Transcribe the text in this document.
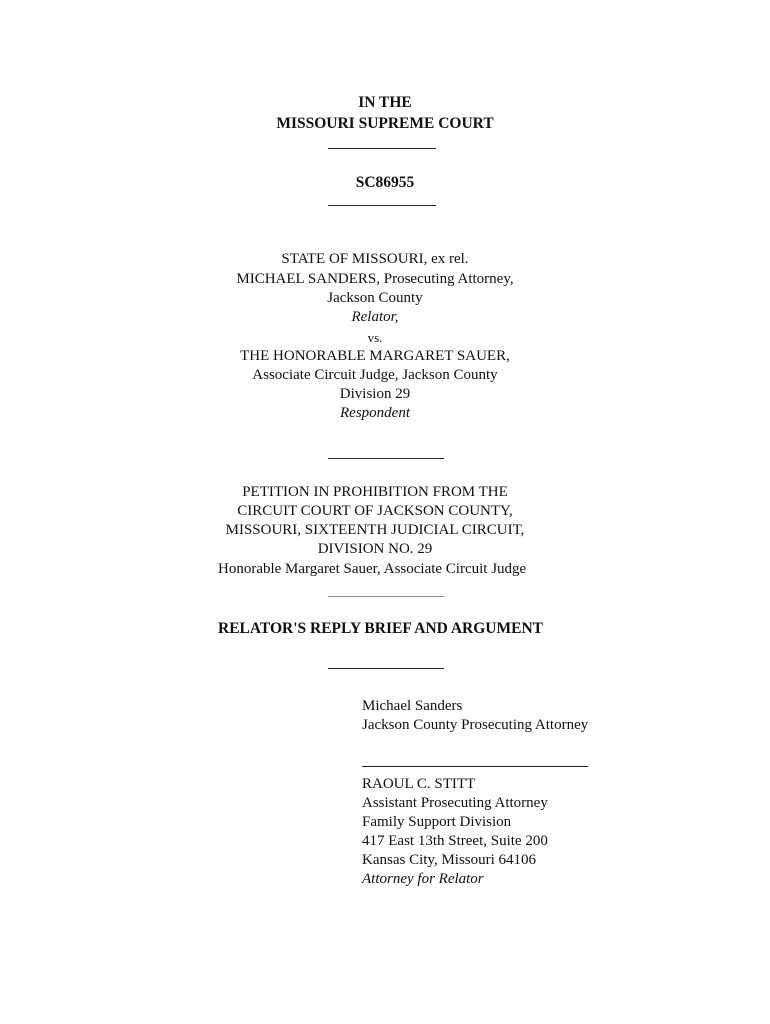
IN THE
MISSOURI SUPREME COURT
SC86955
STATE OF MISSOURI, ex rel.
MICHAEL SANDERS, Prosecuting Attorney,
Jackson County
Relator,
vs.
THE HONORABLE MARGARET SAUER,
Associate Circuit Judge, Jackson County
Division 29
Respondent
PETITION IN PROHIBITION FROM THE
CIRCUIT COURT OF JACKSON COUNTY,
MISSOURI, SIXTEENTH JUDICIAL CIRCUIT,
DIVISION NO. 29
Honorable Margaret Sauer, Associate Circuit Judge
RELATOR'S REPLY BRIEF AND ARGUMENT
Michael Sanders
Jackson County Prosecuting Attorney
RAOUL C. STITT
Assistant Prosecuting Attorney
Family Support Division
417 East 13th Street, Suite 200
Kansas City, Missouri 64106
Attorney for Relator
